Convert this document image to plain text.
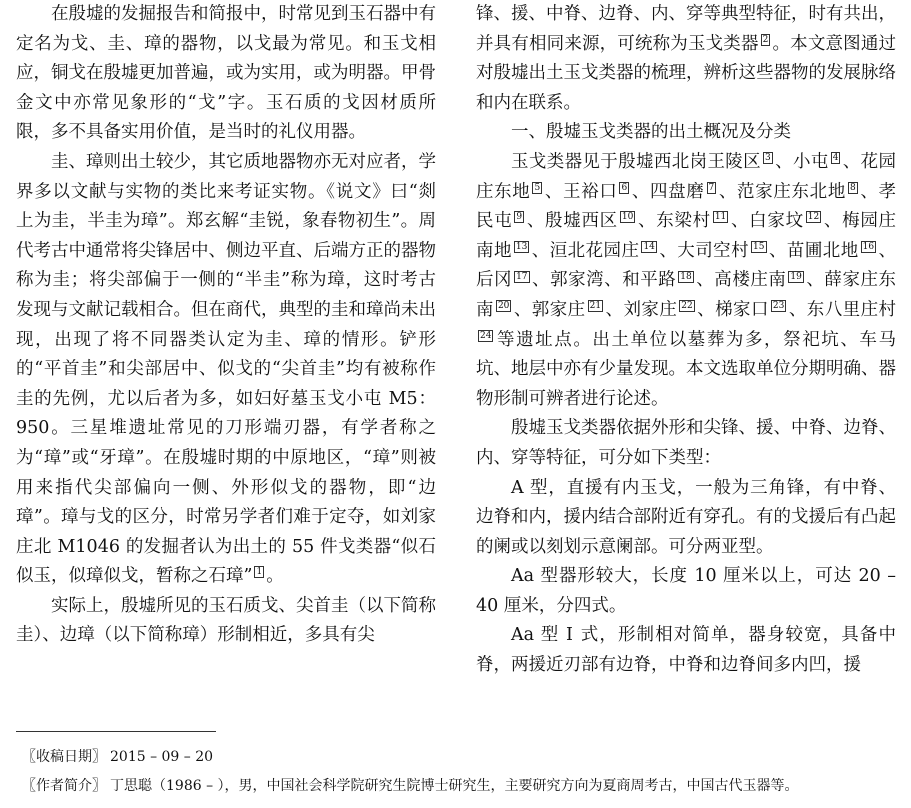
在殷墟的发掘报告和简报中，时常见到玉石器中有定名为戈、圭、璋的器物，以戈最为常见。和玉戈相应，铜戈在殷墟更加普遍，或为实用，或为明器。甲骨金文中亦常见象形的“戈”字。玉石质的戈因材质所限，多不具备实用价值，是当时的礼仪用器。

圭、璋则出土较少，其它质地器物亦无对应者，学界多以文献与实物的类比来考证实物。《说文》曰“剡上为圭，半圭为璋”。郑玄解“圭锐，象春物初生”。周代考古中通常将尖锋居中、侧边平直、后端方正的器物称为圭；将尖部偏于一侧的“半圭”称为璋，这时考古发现与文献记载相合。但在商代，典型的圭和璋尚未出现，出现了将不同器类认定为圭、璋的情形。铲形的“平首圭”和尖部居中、似戈的“尖首圭”均有被称作圭的先例，尤以后者为多，如妇好墓玉戈小屯 M5：950。三星堆遗址常见的刀形端刃器，有学者称之为“璋”或“牙璋”。在殷墟时期的中原地区，“璋”则被用来指代尖部偏向一侧、外形似戈的器物，即“边璋”。璋与戈的区分，时常另学者们难于定夺，如刘家庄北 M1046 的发掘者认为出土的 55 件戈类器“似石似玉，似璋似戈，暂称之石璋” $^1$ 。

实际上，殷墟所见的玉石质戈、尖首圭（以下简称圭）、边璋（以下简称璋）形制相近，多具有尖

锋、援、中脊、边脊、内、穿等典型特征，时有共出，并具有相同来源，可统称为玉戈类器 $^2$ 。本文意图通过对殷墟出土玉戈类器的梳理，辨析这些器物的发展脉络和内在联系。

一、殷墟玉戈类器的出土概况及分类

玉戈类器见于殷墟西北岗王陵区 $^3$ 、小屯 $^4$ 、花园庄东地 $^5$ 、王裕口 $^6$ 、四盘磨 $^7$ 、范家庄东北地 $^8$ 、孝民屯 $^9$ 、殷墟西区 $^{10}$ 、东梁村 $^{11}$ 、白家坟 $^{12}$ 、梅园庄南地 $^{13}$ 、洹北花园庄 $^{14}$ 、大司空村 $^{15}$ 、苗圃北地 $^{16}$ 、后冈 $^{17}$ 、郭家湾、和平路 $^{18}$ 、高楼庄南 $^{19}$ 、薛家庄东南 $^{20}$ 、郭家庄 $^{21}$ 、刘家庄 $^{22}$ 、梯家口 $^{23}$ 、东八里庄村$^{24}$ 等遗址点。出土单位以墓葬为多，祭祀坑、车马坑、地层中亦有少量发现。本文选取单位分期明确、器物形制可辨者进行论述。

殷墟玉戈类器依据外形和尖锋、援、中脊、边脊、内、穿等特征，可分如下类型：

A 型，直援有内玉戈，一般为三角锋，有中脊、边脊和内，援内结合部附近有穿孔。有的戈援后有凸起的阑或以刻划示意阑部。可分两亚型。

Aa 型器形较大，长度 10 厘米以上，可达 20 – 40 厘米，分四式。

Aa 型 Ⅰ 式，形制相对简单，器身较宽，具备中脊，两援近刃部有边脊，中脊和边脊间多内凹，援

〖收稿日期〗 2015 – 09 – 20
〖作者简介〗 丁思聪（1986 – ），男，中国社会科学院研究生院博士研究生，主要研究方向为夏商周考古，中国古代玉器等。
